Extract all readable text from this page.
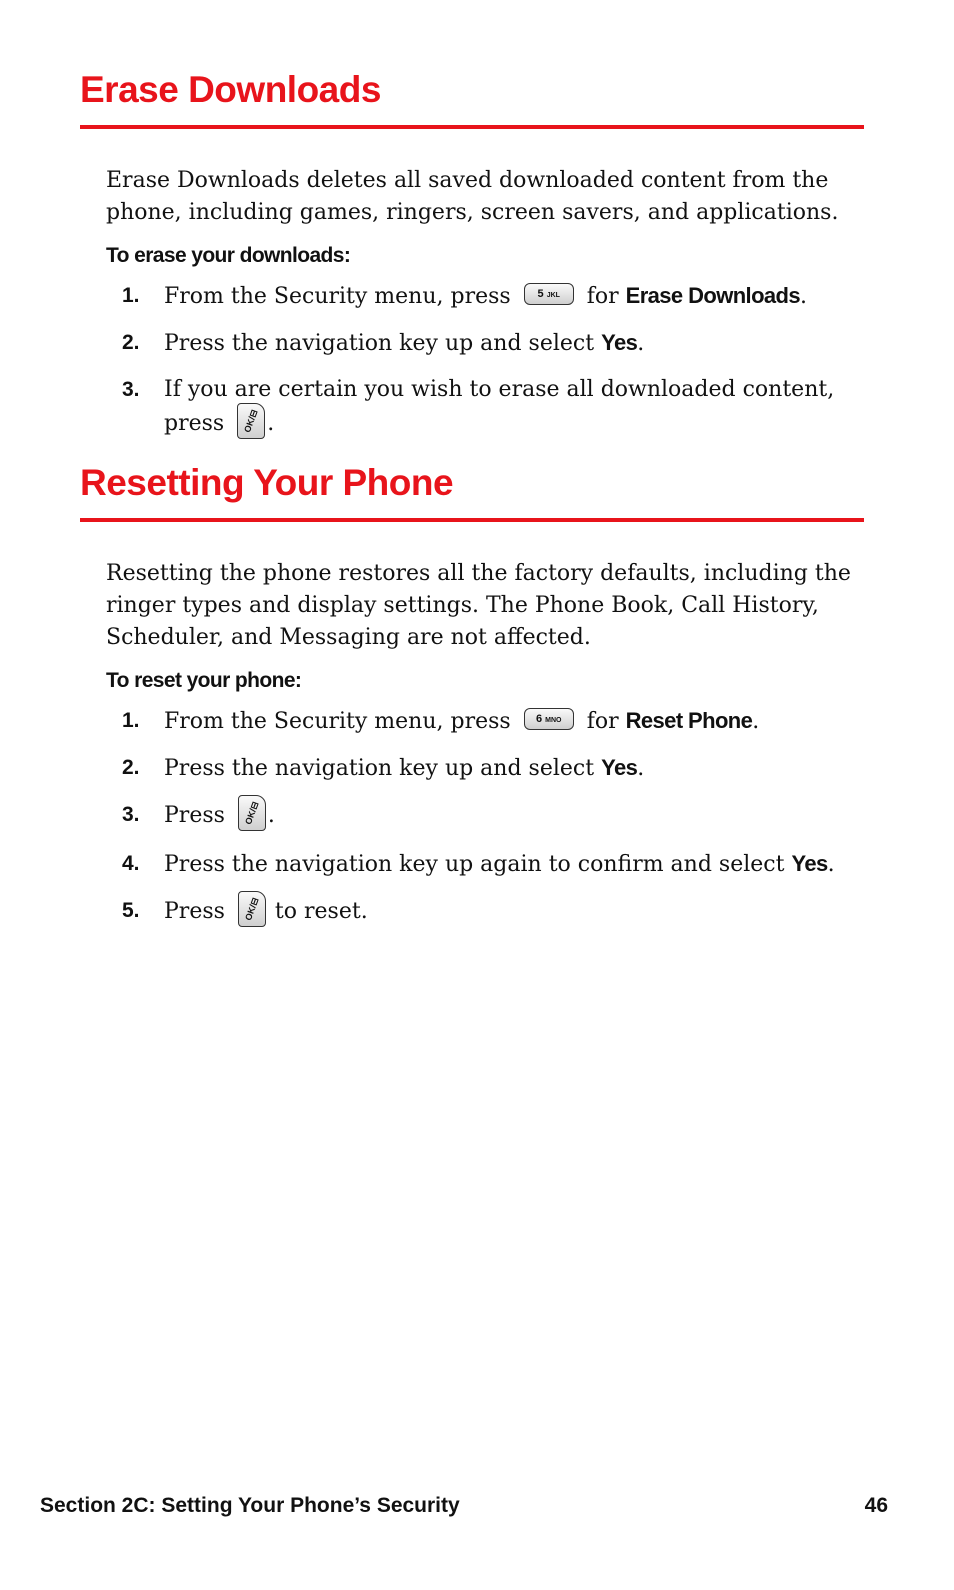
Erase Downloads

Erase Downloads deletes all saved downloaded content from the phone, including games, ringers, screen savers, and applications.

To erase your downloads:

1. From the Security menu, press 5 JKL for Erase Downloads.
2. Press the navigation key up and select Yes.
3. If you are certain you wish to erase all downloaded content, press OK/⊟ .
Resetting Your Phone

Resetting the phone restores all the factory defaults, including the ringer types and display settings. The Phone Book, Call History, Scheduler, and Messaging are not affected.

To reset your phone:

1. From the Security menu, press 6 MNO for Reset Phone.
2. Press the navigation key up and select Yes.
3. Press OK/⊟ .
4. Press the navigation key up again to confirm and select Yes.
5. Press OK/⊟ to reset.
Section 2C: Setting Your Phone’s Security	46
